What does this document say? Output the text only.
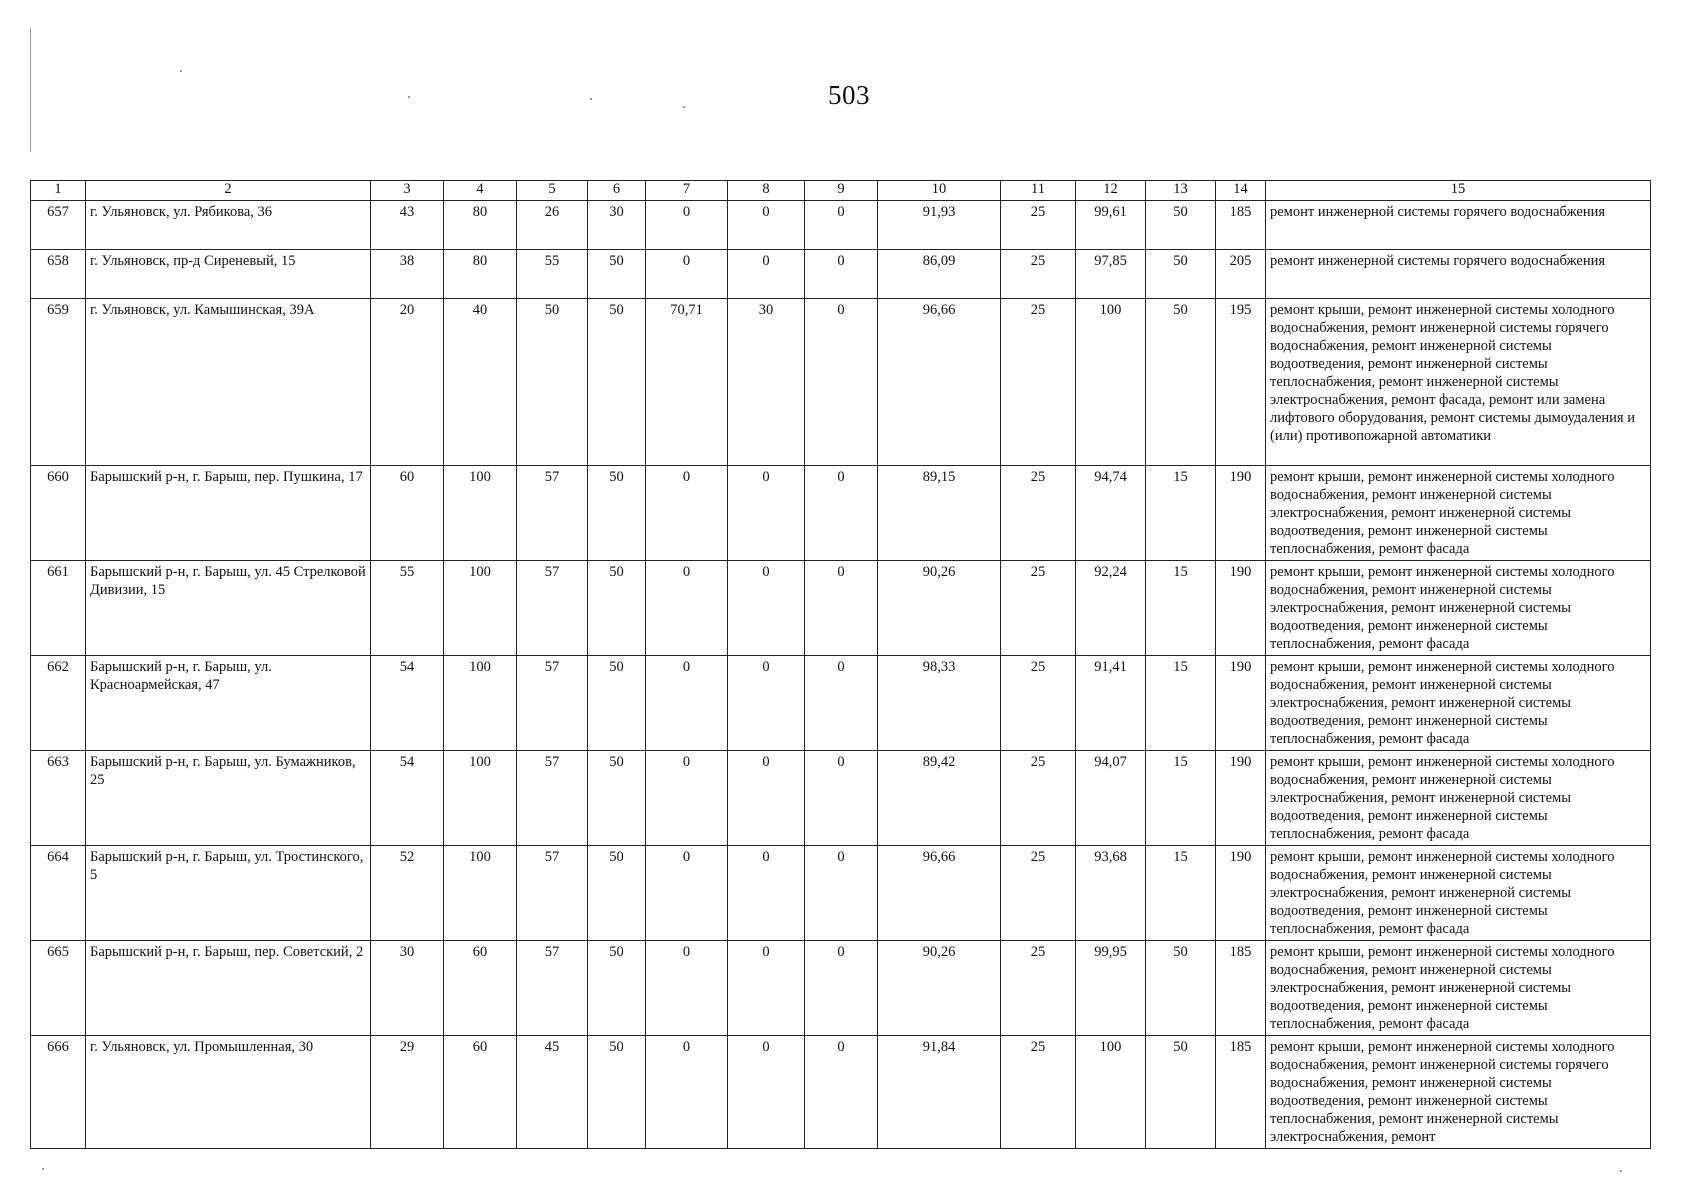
503
1	2	3	4	5	6	7	8	9	10	11	12	13	14	15
657	г. Ульяновск, ул. Рябикова, 36	43	80	26	30	0	0	0	91,93	25	99,61	50	185	ремонт инженерной системы горячего водоснабжения
658	г. Ульяновск, пр-д Сиреневый, 15	38	80	55	50	0	0	0	86,09	25	97,85	50	205	ремонт инженерной системы горячего водоснабжения
659	г. Ульяновск, ул. Камышинская, 39А	20	40	50	50	70,71	30	0	96,66	25	100	50	195	ремонт крыши, ремонт инженерной системы холодного водоснабжения, ремонт инженерной системы горячего водоснабжения, ремонт инженерной системы водоотведения, ремонт инженерной системы теплоснабжения, ремонт инженерной системы электроснабжения, ремонт фасада, ремонт или замена лифтового оборудования, ремонт системы дымоудаления и (или) противопожарной автоматики
660	Барышский р-н, г. Барыш, пер. Пушкина, 17	60	100	57	50	0	0	0	89,15	25	94,74	15	190	ремонт крыши, ремонт инженерной системы холодного водоснабжения, ремонт инженерной системы электроснабжения, ремонт инженерной системы водоотведения, ремонт инженерной системы теплоснабжения, ремонт фасада
661	Барышский р-н, г. Барыш, ул. 45 Стрелковой Дивизии, 15	55	100	57	50	0	0	0	90,26	25	92,24	15	190	ремонт крыши, ремонт инженерной системы холодного водоснабжения, ремонт инженерной системы электроснабжения, ремонт инженерной системы водоотведения, ремонт инженерной системы теплоснабжения, ремонт фасада
662	Барышский р-н, г. Барыш, ул. Красноармейская, 47	54	100	57	50	0	0	0	98,33	25	91,41	15	190	ремонт крыши, ремонт инженерной системы холодного водоснабжения, ремонт инженерной системы электроснабжения, ремонт инженерной системы водоотведения, ремонт инженерной системы теплоснабжения, ремонт фасада
663	Барышский р-н, г. Барыш, ул. Бумажников, 25	54	100	57	50	0	0	0	89,42	25	94,07	15	190	ремонт крыши, ремонт инженерной системы холодного водоснабжения, ремонт инженерной системы электроснабжения, ремонт инженерной системы водоотведения, ремонт инженерной системы теплоснабжения, ремонт фасада
664	Барышский р-н, г. Барыш, ул. Тростинского, 5	52	100	57	50	0	0	0	96,66	25	93,68	15	190	ремонт крыши, ремонт инженерной системы холодного водоснабжения, ремонт инженерной системы электроснабжения, ремонт инженерной системы водоотведения, ремонт инженерной системы теплоснабжения, ремонт фасада
665	Барышский р-н, г. Барыш, пер. Советский, 2	30	60	57	50	0	0	0	90,26	25	99,95	50	185	ремонт крыши, ремонт инженерной системы холодного водоснабжения, ремонт инженерной системы электроснабжения, ремонт инженерной системы водоотведения, ремонт инженерной системы теплоснабжения, ремонт фасада
666	г. Ульяновск, ул. Промышленная, 30	29	60	45	50	0	0	0	91,84	25	100	50	185	ремонт крыши, ремонт инженерной системы холодного водоснабжения, ремонт инженерной системы горячего водоснабжения, ремонт инженерной системы водоотведения, ремонт инженерной системы теплоснабжения, ремонт инженерной системы электроснабжения, ремонт
